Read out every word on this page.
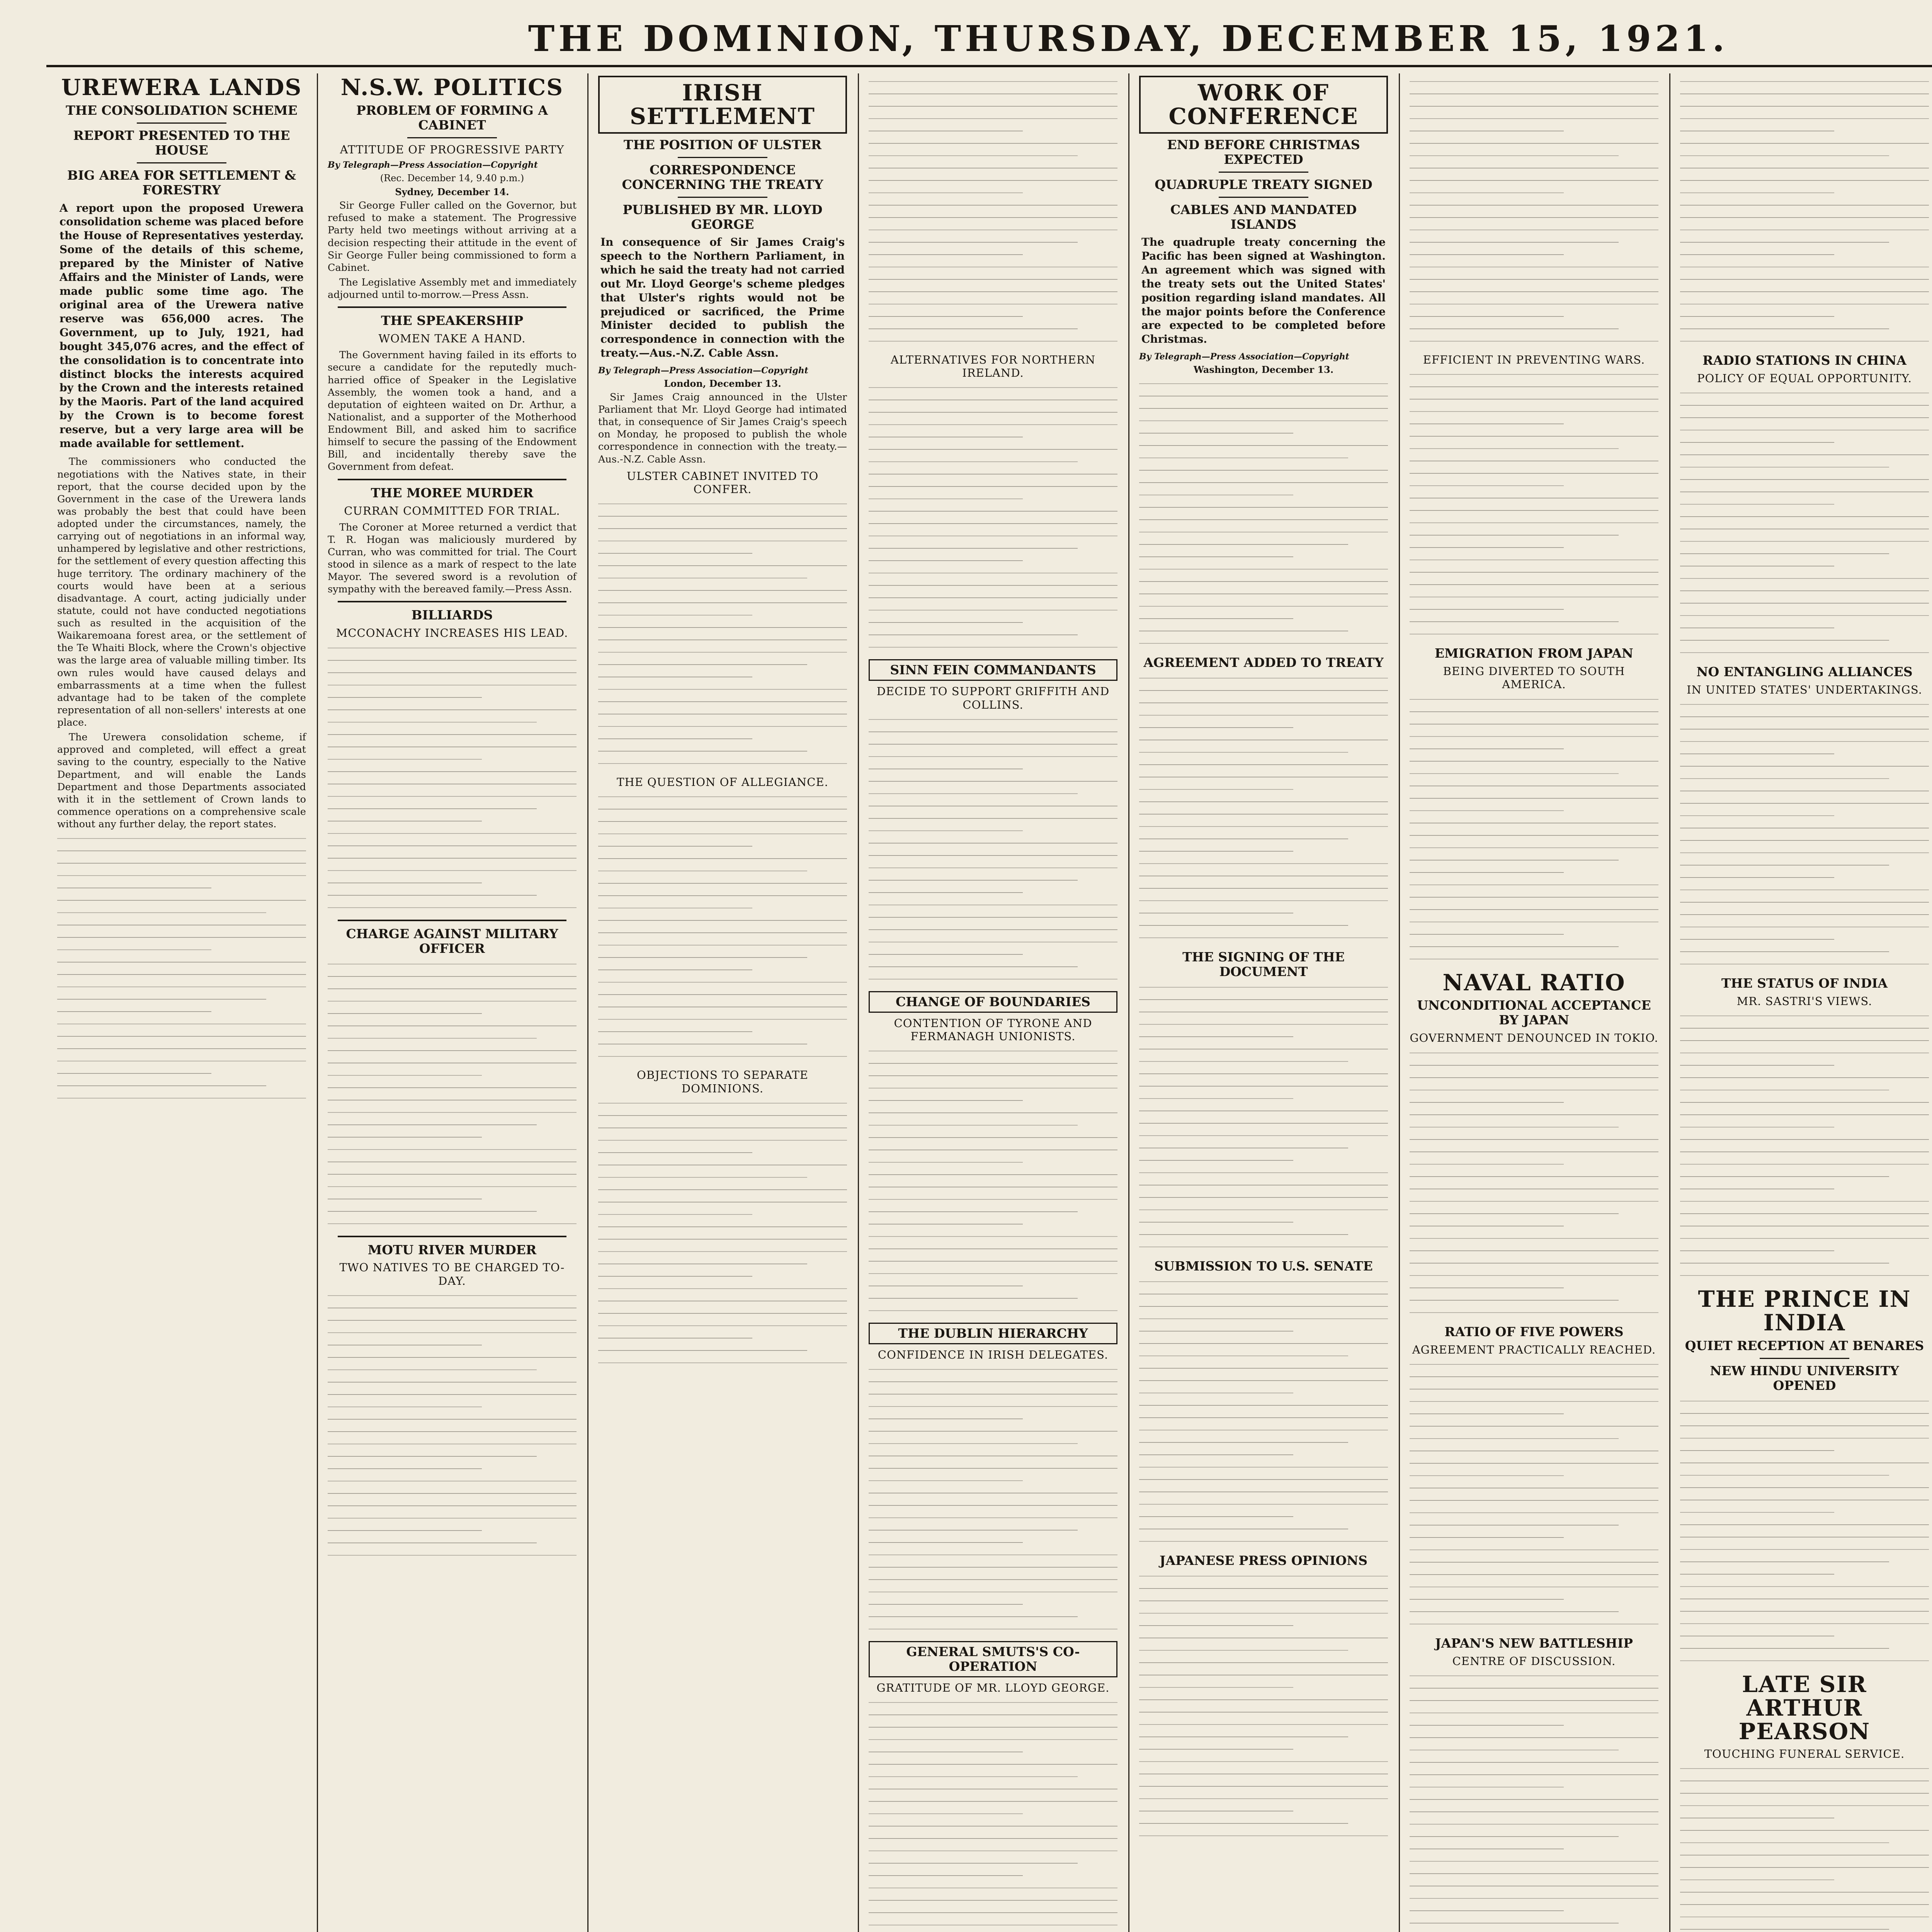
THE DOMINION, THURSDAY, DECEMBER 15, 1921.
UREWERA LANDS
THE CONSOLIDATION SCHEME
REPORT PRESENTED TO THE HOUSE
BIG AREA FOR SETTLEMENT & FORESTRY
A report upon the proposed Urewera consolidation scheme was placed before the House of Representatives yesterday. Some of the details of this scheme, prepared by the Minister of Native Affairs and the Minister of Lands, were made public some time ago. The original area of the Urewera native reserve was 656,000 acres. The Government, up to July, 1921, had bought 345,076 acres, and the effect of the consolidation is to concentrate into distinct blocks the interests acquired by the Crown and the interests retained by the Maoris. Part of the land acquired by the Crown is to become forest reserve, but a very large area will be made available for settlement.

The commissioners who conducted the negotiations with the Natives state, in their report, that the course decided upon by the Government in the case of the Urewera lands was probably the best that could have been adopted under the circumstances, namely, the carrying out of negotiations in an informal way, unhampered by legislative and other restrictions, for the settlement of every question affecting this huge territory. The ordinary machinery of the courts would have been at a serious disadvantage. A court, acting judicially under statute, could not have conducted negotiations such as resulted in the acquisition of the Waikaremoana forest area, or the settlement of the Te Whaiti Block, where the Crown's objective was the large area of valuable milling timber. Its own rules would have caused delays and embarrassments at a time when the fullest advantage had to be taken of the complete representation of all non-sellers' interests at one place.

The Urewera consolidation scheme, if approved and completed, will effect a great saving to the country, especially to the Native Department, and will enable the Lands Department and those Departments associated with it in the settlement of Crown lands to commence operations on a comprehensive scale without any further delay, the report states.

N.S.W. POLITICS
PROBLEM OF FORMING A CABINET
ATTITUDE OF PROGRESSIVE PARTY
By Telegraph—Press Association—Copyright
(Rec. December 14, 9.40 p.m.)
Sydney, December 14.

Sir George Fuller called on the Governor, but refused to make a statement. The Progressive Party held two meetings without arriving at a decision respecting their attitude in the event of Sir George Fuller being commissioned to form a Cabinet.

The Legislative Assembly met and immediately adjourned until to-morrow.—Press Assn.

THE SPEAKERSHIP
WOMEN TAKE A HAND.

The Government having failed in its efforts to secure a candidate for the reputedly much-harried office of Speaker in the Legislative Assembly, the women took a hand, and a deputation of eighteen waited on Dr. Arthur, a Nationalist, and a supporter of the Motherhood Endowment Bill, and asked him to sacrifice himself to secure the passing of the Endowment Bill, and incidentally thereby save the Government from defeat.

THE MOREE MURDER
CURRAN COMMITTED FOR TRIAL.

The Coroner at Moree returned a verdict that T. R. Hogan was maliciously murdered by Curran, who was committed for trial. The Court stood in silence as a mark of respect to the late Mayor. The severed sword is a revolution of sympathy with the bereaved family.—Press Assn.

BILLIARDS
MCCONACHY INCREASES HIS LEAD.
CHARGE AGAINST MILITARY OFFICER
MOTU RIVER MURDER
TWO NATIVES TO BE CHARGED TO-DAY.
IRISH SETTLEMENT
THE POSITION OF ULSTER
CORRESPONDENCE CONCERNING THE TREATY
PUBLISHED BY MR. LLOYD GEORGE
In consequence of Sir James Craig's speech to the Northern Parliament, in which he said the treaty had not carried out Mr. Lloyd George's scheme pledges that Ulster's rights would not be prejudiced or sacrificed, the Prime Minister decided to publish the correspondence in connection with the treaty.—Aus.-N.Z. Cable Assn.
By Telegraph—Press Association—Copyright
London, December 13.

Sir James Craig announced in the Ulster Parliament that Mr. Lloyd George had intimated that, in consequence of Sir James Craig's speech on Monday, he proposed to publish the whole correspondence in connection with the treaty.—Aus.-N.Z. Cable Assn.

ULSTER CABINET INVITED TO CONFER.
THE QUESTION OF ALLEGIANCE.
OBJECTIONS TO SEPARATE DOMINIONS.
ALTERNATIVES FOR NORTHERN IRELAND.
SINN FEIN COMMANDANTS
DECIDE TO SUPPORT GRIFFITH AND COLLINS.
CHANGE OF BOUNDARIES
CONTENTION OF TYRONE AND FERMANAGH UNIONISTS.
THE DUBLIN HIERARCHY
CONFIDENCE IN IRISH DELEGATES.
GENERAL SMUTS'S CO-OPERATION
GRATITUDE OF MR. LLOYD GEORGE.
WORK OF CONFERENCE
END BEFORE CHRISTMAS EXPECTED
QUADRUPLE TREATY SIGNED
CABLES AND MANDATED ISLANDS
The quadruple treaty concerning the Pacific has been signed at Washington. An agreement which was signed with the treaty sets out the United States' position regarding island mandates. All the major points before the Conference are expected to be completed before Christmas.
By Telegraph—Press Association—Copyright
Washington, December 13.
AGREEMENT ADDED TO TREATY
THE SIGNING OF THE DOCUMENT
SUBMISSION TO U.S. SENATE
JAPANESE PRESS OPINIONS
EFFICIENT IN PREVENTING WARS.
EMIGRATION FROM JAPAN
BEING DIVERTED TO SOUTH AMERICA.
NAVAL RATIO
UNCONDITIONAL ACCEPTANCE BY JAPAN
GOVERNMENT DENOUNCED IN TOKIO.
RATIO OF FIVE POWERS
AGREEMENT PRACTICALLY REACHED.
JAPAN'S NEW BATTLESHIP
CENTRE OF DISCUSSION.
RADIO STATIONS IN CHINA
POLICY OF EQUAL OPPORTUNITY.
NO ENTANGLING ALLIANCES
IN UNITED STATES' UNDERTAKINGS.
THE STATUS OF INDIA
MR. SASTRI'S VIEWS.
THE PRINCE IN INDIA
QUIET RECEPTION AT BENARES
NEW HINDU UNIVERSITY OPENED
LATE SIR ARTHUR PEARSON
TOUCHING FUNERAL SERVICE.
